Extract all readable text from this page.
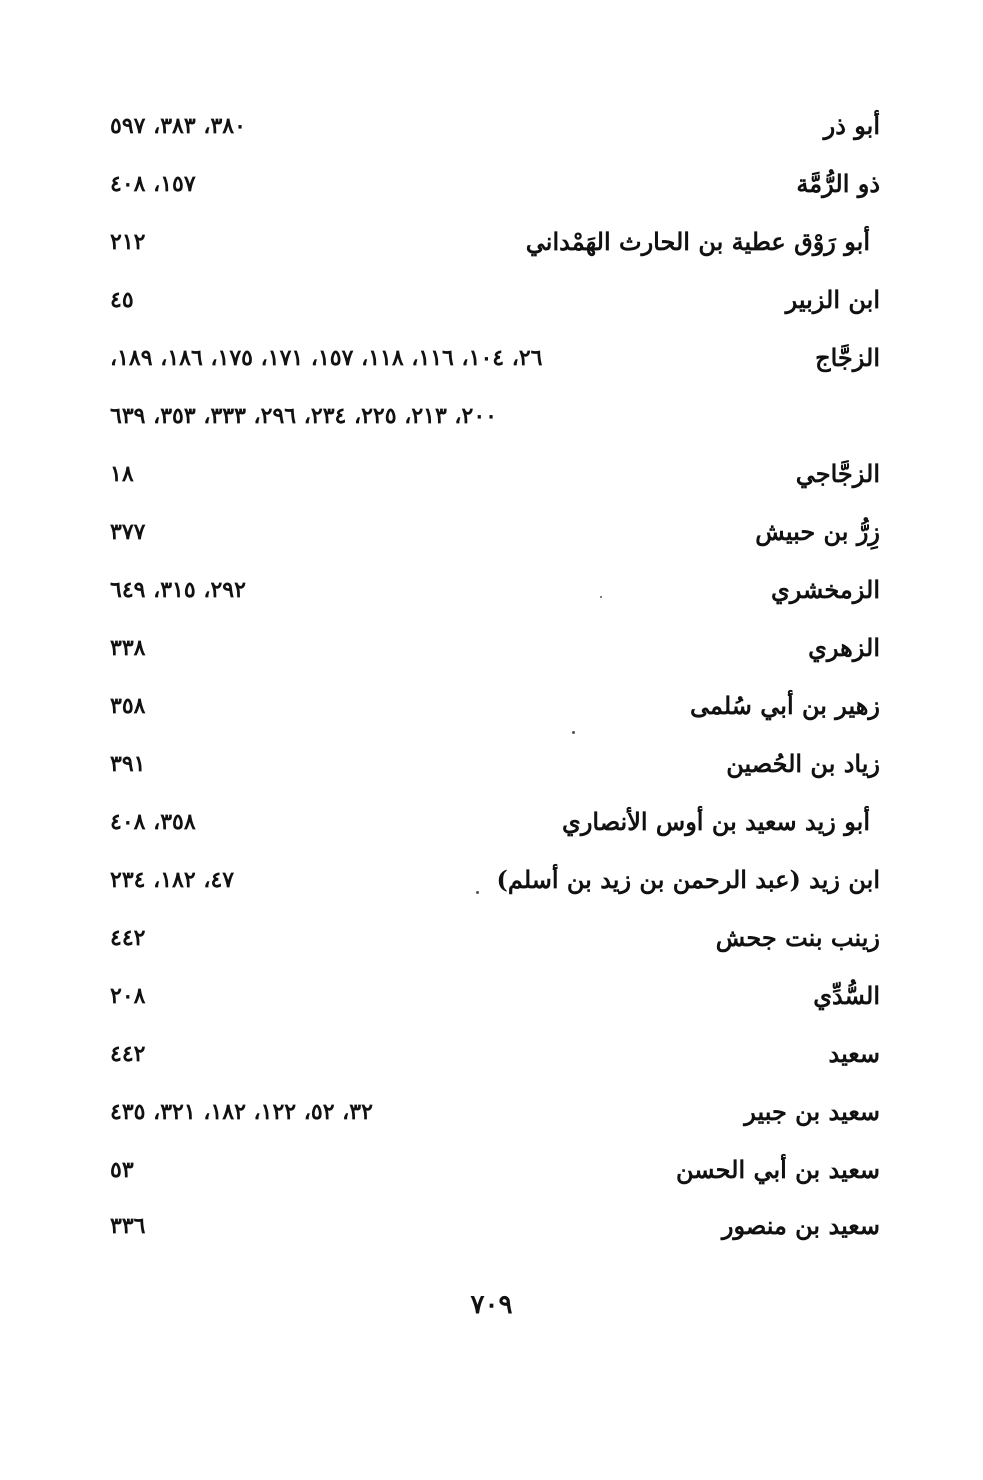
أبو ذر
٣٨٠، ٣٨٣، ٥٩٧
ذو الرُّمَّة
١٥٧، ٤٠٨
أبو رَوْق عطية بن الحارث الهَمْداني
٢١٢
ابن الزبير
٤٥
الزجَّاج
٢٦، ١٠٤، ١١٦، ١١٨، ١٥٧، ١٧١، ١٧٥، ١٨٦، ١٨٩،
٢٠٠، ٢١٣، ٢٢٥، ٢٣٤، ٢٩٦، ٣٣٣، ٣٥٣، ٦٣٩
الزجَّاجي
١٨
زِرُّ بن حبيش
٣٧٧
الزمخشري
٢٩٢، ٣١٥، ٦٤٩
الزهري
٣٣٨
زهير بن أبي سُلمى
٣٥٨
زياد بن الحُصين
٣٩١
أبو زيد سعيد بن أوس الأنصاري
٣٥٨، ٤٠٨
ابن زيد (عبد الرحمن بن زيد بن أسلم)
٤٧، ١٨٢، ٢٣٤
زينب بنت جحش
٤٤٢
السُّدِّي
٢٠٨
سعيد
٤٤٢
سعيد بن جبير
٣٢، ٥٢، ١٢٢، ١٨٢، ٣٢١، ٤٣٥
سعيد بن أبي الحسن
٥٣
سعيد بن منصور
٣٣٦
٧٠٩
